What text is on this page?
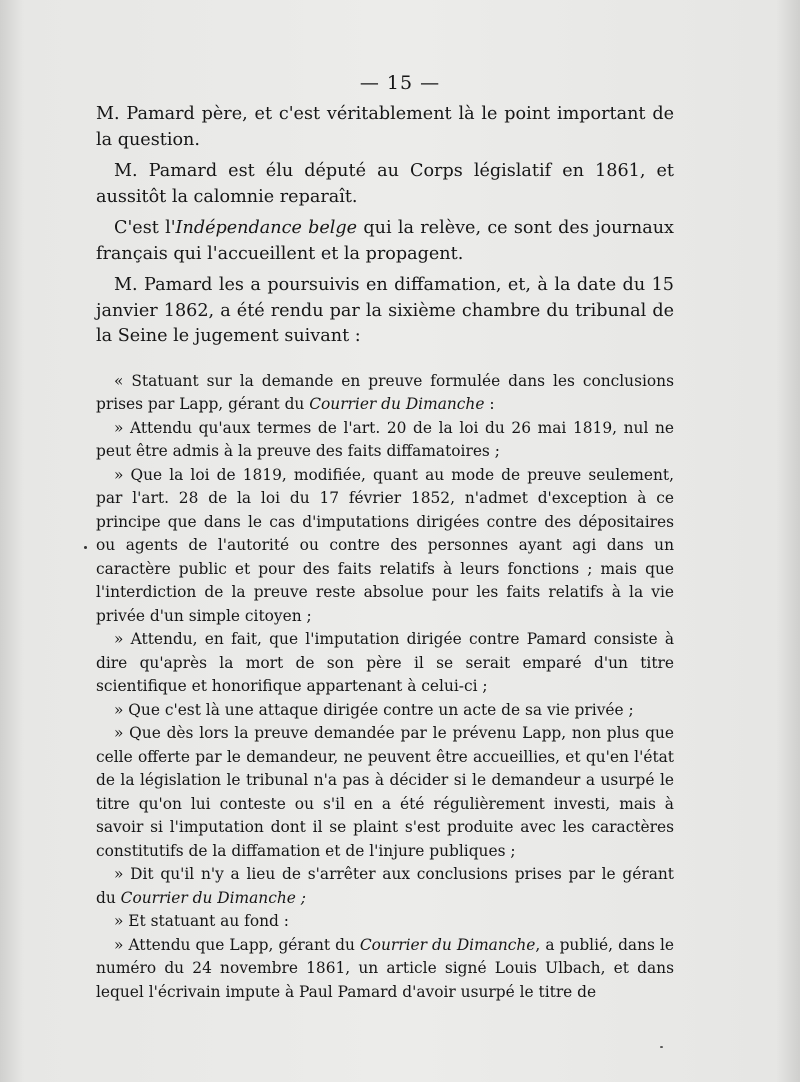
— 15 —

M. Pamard père, et c'est véritablement là le point important de la question.

M. Pamard est élu député au Corps législatif en 1861, et aussitôt la calomnie reparaît.

C'est l'Indépendance belge qui la relève, ce sont des journaux français qui l'accueillent et la propagent.

M. Pamard les a poursuivis en diffamation, et, à la date du 15 janvier 1862, a été rendu par la sixième chambre du tribunal de la Seine le jugement suivant :

« Statuant sur la demande en preuve formulée dans les conclusions prises par Lapp, gérant du Courrier du Dimanche :

» Attendu qu'aux termes de l'art. 20 de la loi du 26 mai 1819, nul ne peut être admis à la preuve des faits diffamatoires ;

» Que la loi de 1819, modifiée, quant au mode de preuve seulement, par l'art. 28 de la loi du 17 février 1852, n'admet d'exception à ce principe que dans le cas d'imputations dirigées contre des dépositaires ou agents de l'autorité ou contre des personnes ayant agi dans un caractère public et pour des faits relatifs à leurs fonctions ; mais que l'interdiction de la preuve reste absolue pour les faits relatifs à la vie privée d'un simple citoyen ;

» Attendu, en fait, que l'imputation dirigée contre Pamard consiste à dire qu'après la mort de son père il se serait emparé d'un titre scientifique et honorifique appartenant à celui-ci ;

» Que c'est là une attaque dirigée contre un acte de sa vie privée ;

» Que dès lors la preuve demandée par le prévenu Lapp, non plus que celle offerte par le demandeur, ne peuvent être accueillies, et qu'en l'état de la législation le tribunal n'a pas à décider si le demandeur a usurpé le titre qu'on lui conteste ou s'il en a été régulièrement investi, mais à savoir si l'imputation dont il se plaint s'est produite avec les caractères constitutifs de la diffamation et de l'injure publiques ;

» Dit qu'il n'y a lieu de s'arrêter aux conclusions prises par le gérant du Courrier du Dimanche ;

» Et statuant au fond :

» Attendu que Lapp, gérant du Courrier du Dimanche, a publié, dans le numéro du 24 novembre 1861, un article signé Louis Ulbach, et dans lequel l'écrivain impute à Paul Pamard d'avoir usurpé le titre de
